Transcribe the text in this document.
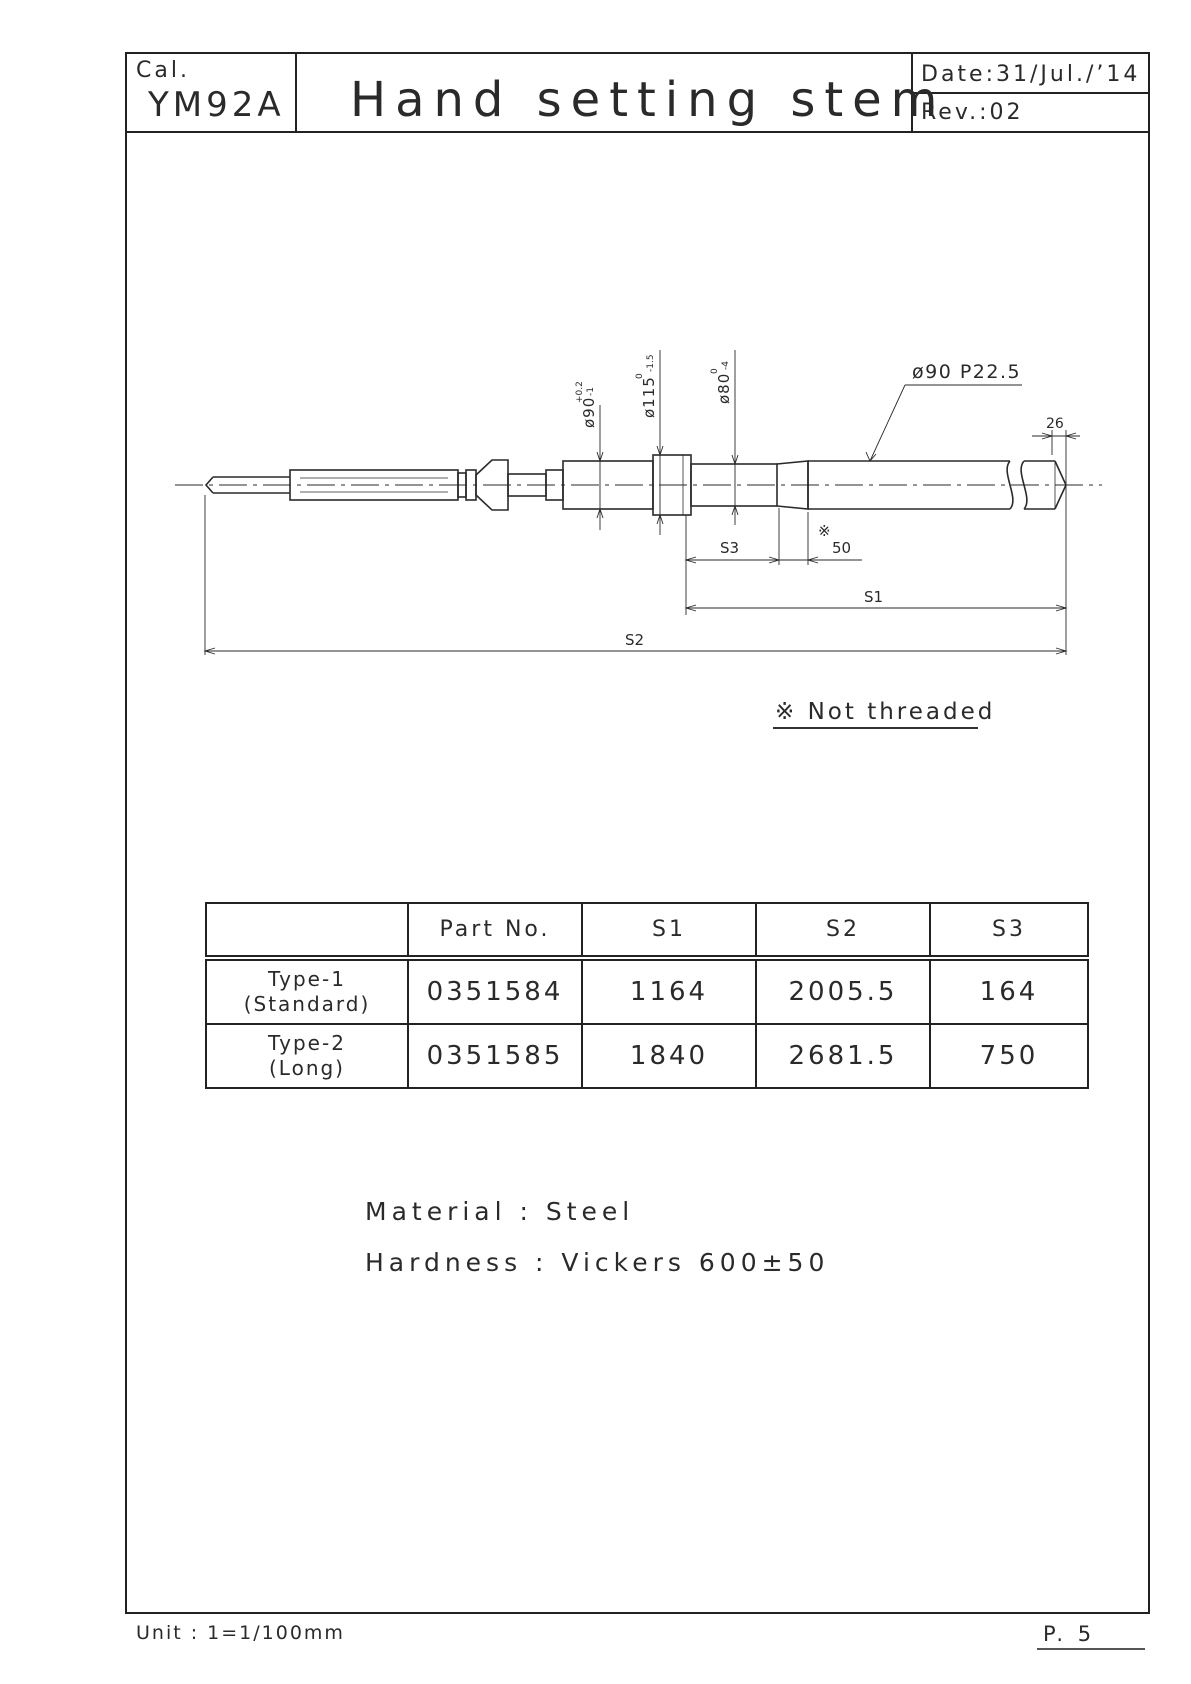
Cal.
YM92A Hand setting stem
Date:31/Jul./’14
Rev.:02
ø90
+0.2 -1	ø115
0
-1.5
ø80
0
-4	ø90 P22.5
26
※
50
S3
S1
S2
※ Not threaded
	Part No.	S1	S2	S3

Type-1
(Standard)	0351584	1164	2005.5	164

Type-2
(Long)	0351585	1840	2681.5	750
Material : Steel
Hardness : Vickers 600±50
Unit : 1=1/100mm	P. 5
